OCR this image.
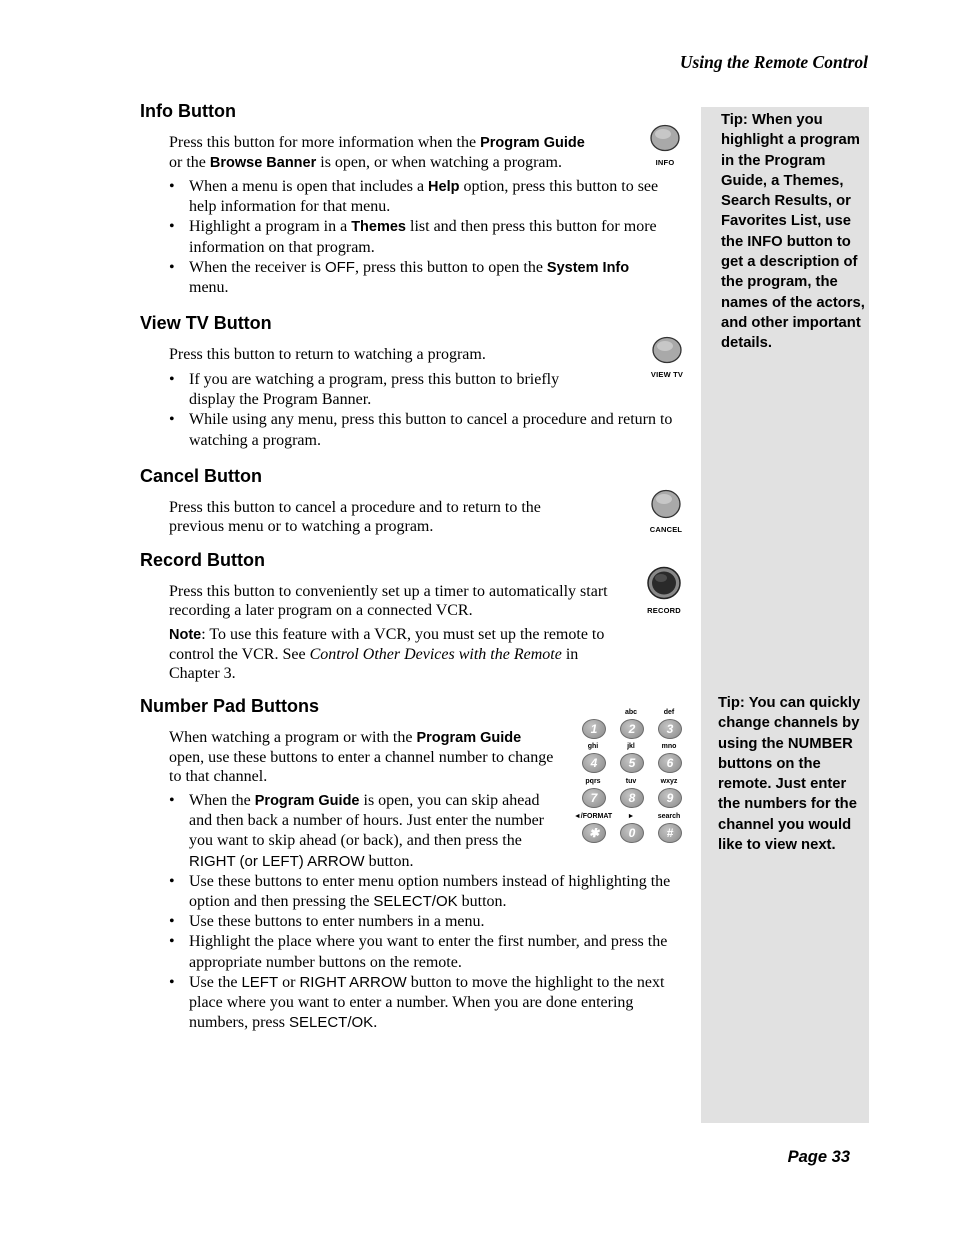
Using the Remote Control
Tip: When you highlight a program in the Program Guide, a Themes, Search Results, or Favorites List, use the INFO button to get a description of the program, the names of the actors, and other important details.
Tip: You can quickly change channels by using the NUMBER buttons on the remote. Just enter the numbers for the channel you would like to view next.
Info Button
INFO

Press this button for more information when the Program Guide
or the Browse Banner is open, or when watching a program.

• When a menu is open that includes a Help option, press this button to see help information for that menu.
• Highlight a program in a Themes list and then press this button for more information on that program.
• When the receiver is OFF, press this button to open the System Info
menu.
View TV Button
VIEW TV

Press this button to return to watching a program.

• If you are watching a program, press this button to briefly display the Program Banner.
• While using any menu, press this button to cancel a procedure and return to watching a program.
Cancel Button
CANCEL

Press this button to cancel a procedure and to return to the previous menu or to watching a program.

Record Button
RECORD

Press this button to conveniently set up a timer to automatically start recording a later program on a connected VCR.

Note: To use this feature with a VCR, you must set up the remote to control the VCR. See Control Other Devices with the Remote in Chapter 3.

Number Pad Buttons
1
abc
2
def
3
ghi
4
jkl
5
mno
6
pqrs
7
tuv
8
wxyz
9
◄/FORMAT
✱
►
0
search
#

When watching a program or with the Program Guide open, use these buttons to enter a channel number to change to that channel.

• When the Program Guide is open, you can skip ahead and then back a number of hours. Just enter the number you want to skip ahead (or back), and then press the RIGHT (or LEFT) ARROW button.
• Use these buttons to enter menu option numbers instead of highlighting the option and then pressing the SELECT/OK button.
• Use these buttons to enter numbers in a menu.
• Highlight the place where you want to enter the first number, and press the appropriate number buttons on the remote.
• Use the LEFT or RIGHT ARROW button to move the highlight to the next place where you want to enter a number. When you are done entering numbers, press SELECT/OK.
Page 33
